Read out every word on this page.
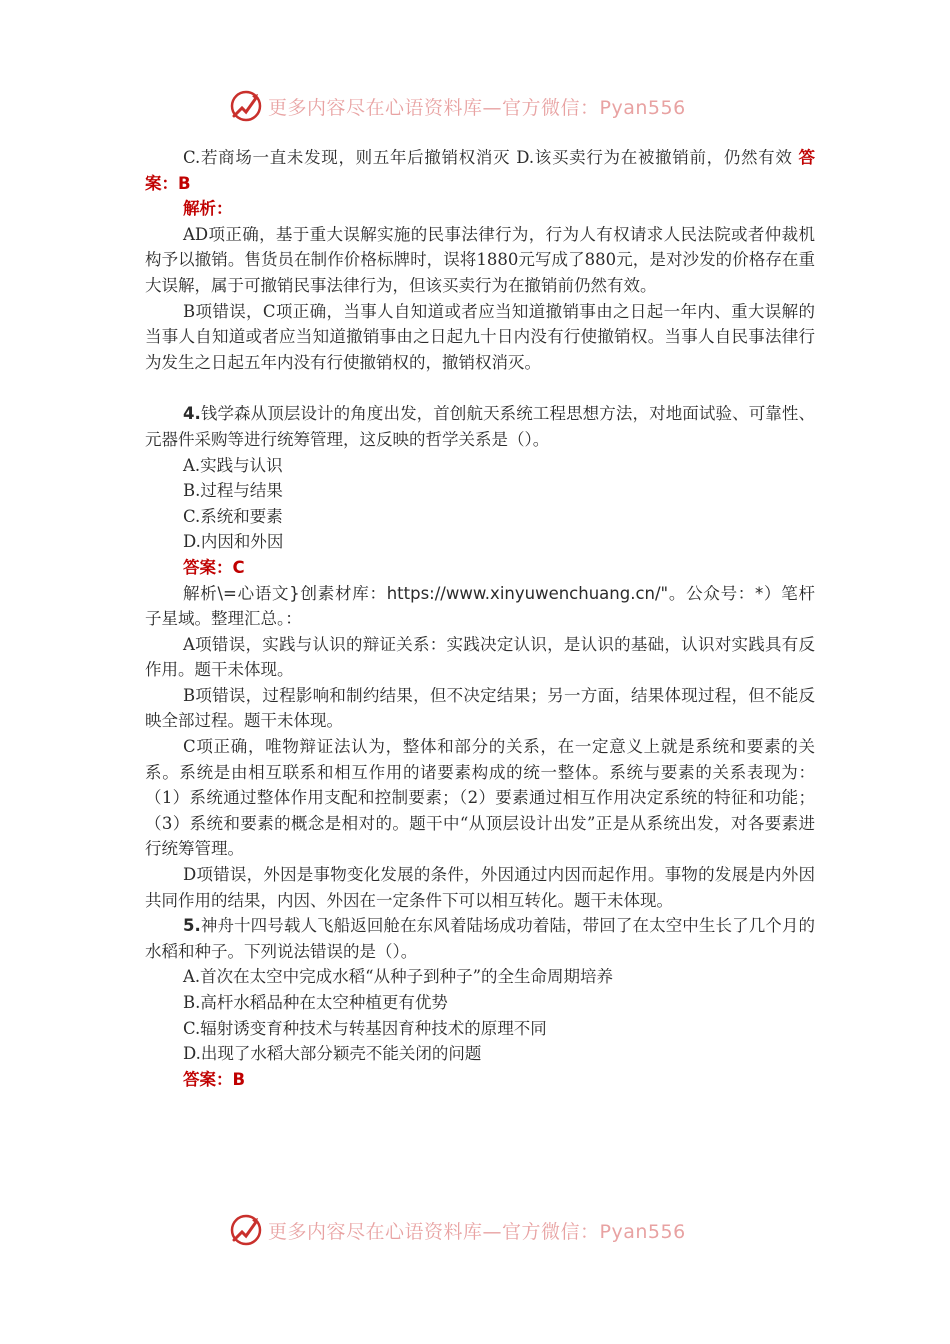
更多内容尽在心语资料库—官方微信：Pyan556

C.若商场一直未发现，则五年后撤销权消灭 D.该买卖行为在被撤销前，仍然有效 答案：B

解析：

AD项正确，基于重大误解实施的民事法律行为，行为人有权请求人民法院或者仲裁机构予以撤销。售货员在制作价格标牌时，误将1880元写成了880元，是对沙发的价格存在重大误解，属于可撤销民事法律行为，但该买卖行为在撤销前仍然有效。

B项错误，C项正确，当事人自知道或者应当知道撤销事由之日起一年内、重大误解的当事人自知道或者应当知道撤销事由之日起九十日内没有行使撤销权。当事人自民事法律行为发生之日起五年内没有行使撤销权的，撤销权消灭。

4.钱学森从顶层设计的角度出发，首创航天系统工程思想方法，对地面试验、可靠性、元器件采购等进行统筹管理，这反映的哲学关系是（）。

A.实践与认识

B.过程与结果

C.系统和要素

D.内因和外因

答案：C

解析\=心语文}创素材库：https://www.xinyuwenchuang.cn/"。公众号：*）笔杆子星域。整理汇总。：

A项错误，实践与认识的辩证关系：实践决定认识，是认识的基础，认识对实践具有反作用。题干未体现。

B项错误，过程影响和制约结果，但不决定结果；另一方面，结果体现过程，但不能反映全部过程。题干未体现。

C项正确，唯物辩证法认为，整体和部分的关系，在一定意义上就是系统和要素的关系。系统是由相互联系和相互作用的诸要素构成的统一整体。系统与要素的关系表现为：（1）系统通过整体作用支配和控制要素；（2）要素通过相互作用决定系统的特征和功能；（3）系统和要素的概念是相对的。题干中“从顶层设计出发”正是从系统出发，对各要素进行统筹管理。

D项错误，外因是事物变化发展的条件，外因通过内因而起作用。事物的发展是内外因共同作用的结果，内因、外因在一定条件下可以相互转化。题干未体现。

5.神舟十四号载人飞船返回舱在东风着陆场成功着陆，带回了在太空中生长了几个月的水稻和种子。下列说法错误的是（）。

A.首次在太空中完成水稻“从种子到种子”的全生命周期培养

B.高杆水稻品种在太空种植更有优势

C.辐射诱变育种技术与转基因育种技术的原理不同

D.出现了水稻大部分颖壳不能关闭的问题

答案：B

更多内容尽在心语资料库—官方微信：Pyan556
